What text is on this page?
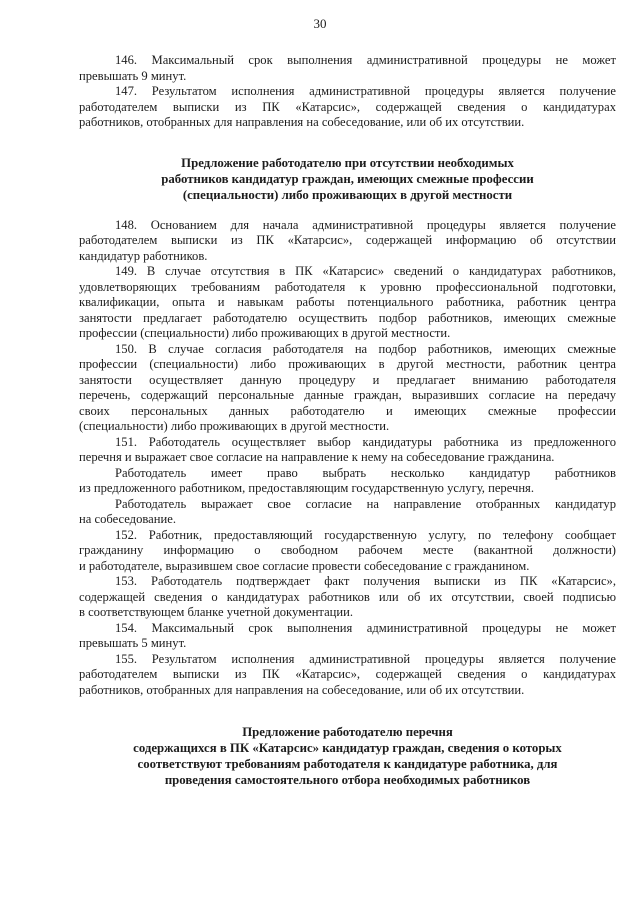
30

146. Максимальный срок выполнения административной процедуры не может
превышать 9 минут.

147. Результатом исполнения административной процедуры является получение
работодателем выписки из ПК «Катарсис», содержащей сведения о кандидатурах
работников, отобранных для направления на собеседование, или об их отсутствии.

Предложение работодателю при отсутствии необходимых
работников кандидатур граждан, имеющих смежные профессии
(специальности) либо проживающих в другой местности

148. Основанием для начала административной процедуры является получение
работодателем выписки из ПК «Катарсис», содержащей информацию об отсутствии
кандидатур работников.

149. В случае отсутствия в ПК «Катарсис» сведений о кандидатурах работников,
удовлетворяющих требованиям работодателя к уровню профессиональной подготовки,
квалификации, опыта и навыкам работы потенциального работника, работник центра
занятости предлагает работодателю осуществить подбор работников, имеющих смежные
профессии (специальности) либо проживающих в другой местности.

150. В случае согласия работодателя на подбор работников, имеющих смежные
профессии (специальности) либо проживающих в другой местности, работник центра
занятости осуществляет данную процедуру и предлагает вниманию работодателя
перечень, содержащий персональные данные граждан, выразивших согласие на передачу
своих персональных данных работодателю и имеющих смежные профессии
(специальности) либо проживающих в другой местности.

151. Работодатель осуществляет выбор кандидатуры работника из предложенного
перечня и выражает свое согласие на направление к нему на собеседование гражданина.

Работодатель имеет право выбрать несколько кандидатур работников
из предложенного работником, предоставляющим государственную услугу, перечня.

Работодатель выражает свое согласие на направление отобранных кандидатур
на собеседование.

152. Работник, предоставляющий государственную услугу, по телефону сообщает
гражданину информацию о свободном рабочем месте (вакантной должности)
и работодателе, выразившем свое согласие провести собеседование с гражданином.

153. Работодатель подтверждает факт получения выписки из ПК «Катарсис»,
содержащей сведения о кандидатурах работников или об их отсутствии, своей подписью
в соответствующем бланке учетной документации.

154. Максимальный срок выполнения административной процедуры не может
превышать 5 минут.

155. Результатом исполнения административной процедуры является получение
работодателем выписки из ПК «Катарсис», содержащей сведения о кандидатурах
работников, отобранных для направления на собеседование, или об их отсутствии.

Предложение работодателю перечня
содержащихся в ПК «Катарсис» кандидатур граждан, сведения о которых
соответствуют требованиям работодателя к кандидатуре работника, для
проведения самостоятельного отбора необходимых работников
